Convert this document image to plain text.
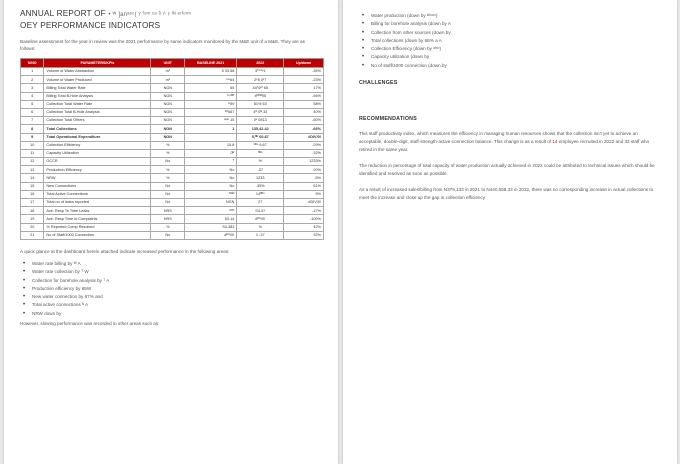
ANNUAL REPORT OF • ᵂ ]anᵃᵉᶜ( ᵞ ᶠᵒᵐ ᶜᵃ ᵟ ᴬ ᵞ ᴵᴺ ᵉʳᶠᵒʳᵐ
ΟEY PERFORMANCE INDICATORS
Baseline assessment for the year in review was the 2021 performance by same indicators monitored by the M&E unit of a M&E. They are as follows:
S/NO	PARAMETERS/KPIs	UNIT	BASELINE 2021	2022	Up/down
1	Volume of Water Abstraction	m³	5 33.58	3ᵀᵉᵐᵖ1	-35%
2	Volume of Water Produced	m³	ᶠᵒᵘ64	2ᶜ8 0ᶜ7	-23%
3	Billing Total Water Rate	NGN	65	44ᵀ6ᵉᶠ 65	17%
4	Billing Total B.Hole Analysis	NGN	ᴬ.ᴸᴮᴾ	4ᴺᴴᴹ95	-94%
5	Collection Total Water Rate	NGN	ᵐ59	61% 63	58%
6	Collection Total B.Hole Analysis	NGN	ᴶᴼ667	4ᴳ 5ᴺ.33	40%
7	Collection Total Others	NGN	ᵘᵖᵃᵗ 15	0ᴸ 0813	-50%
8	Total Collections	NGN	1	135,42.42	-66%
9	Total Operational Expenditure	NGN		5,ᴺᵁ 00.87	#DIV/0!
10	Collection Efficiency	%	15.8	ᴺᵁᴸ 6.67	-29%
11	Capacity Utilization	%	0ᴿ	ᴴᴿˢ	-32%
12	OCCR	No	ᵀ	%	1233%
13	Production Efficiency	%	No	-37	20%
14	NRW	%	No	1233	-5%
15	New Connections	No	No	-35%	61%
16	Total Active Connections	No	ᴺᴳᴺ	14ᴴᴿˢ	5%
17	Total no of leaks reported	No	NGN	27	#DIV/0!
18	Ave. Resp To Time Leaks	HRS	ᵁᵀᴿ	S4.37	-17%
19	Ave. Resp Time to Complaints	HRS	53.14	#ᴰᴵᵛ/0!	-100%
20	% Reported Comp Resolved	%	S4.383	%	42%
21	No of Staff/1000 Connection	No	#ᴰᴵᵛ/0!	1 -37	32%
A quick glance at the dashboard herein attached indicate increased performance in the following areas:
• Water rate billing by ᵂ A
• Water rate collection by ᵀ W
• Collection for borehole analysis by ᵀ A
• Production efficiency by 65W
• New water connection by 67% and
• Total active connections ᴺ A
• NRW down by
However, slowing performance was recorded in other areas such as:
• Water production (down by ᴬᵇᵘᶜᵒ)
• Billing for borehole analysis (down by A
• Collection from other sources (down by
• Total collections (down by 66% a A
• Collection Efficiency (down by ᵃᶠᵖᵒ)
• Capacity utilization (down by
• No of staff/1000 connection (down by
CHALLENGES
RECOMMENDATIONS
This staff productivity index, which measures the efficiency in managing human resources shows that the collection isn't yet to achieve an acceptable, double-digit, staff-strength-active-connection balance. This change is as a result of 14 employee recruited in 2022 and 33 staff who retired in the same year.
The reduction in percentage of total capacity of water production actually achieved in 2022 could be attributed to technical issues which should be identified and resolved as soon as possible.
As a result of increased sales/billing from N379,133 in 2021 to N440,658.33 in 2022, there was no corresponding increase in actual collections to meet the increase and close up the gap in collection efficiency
